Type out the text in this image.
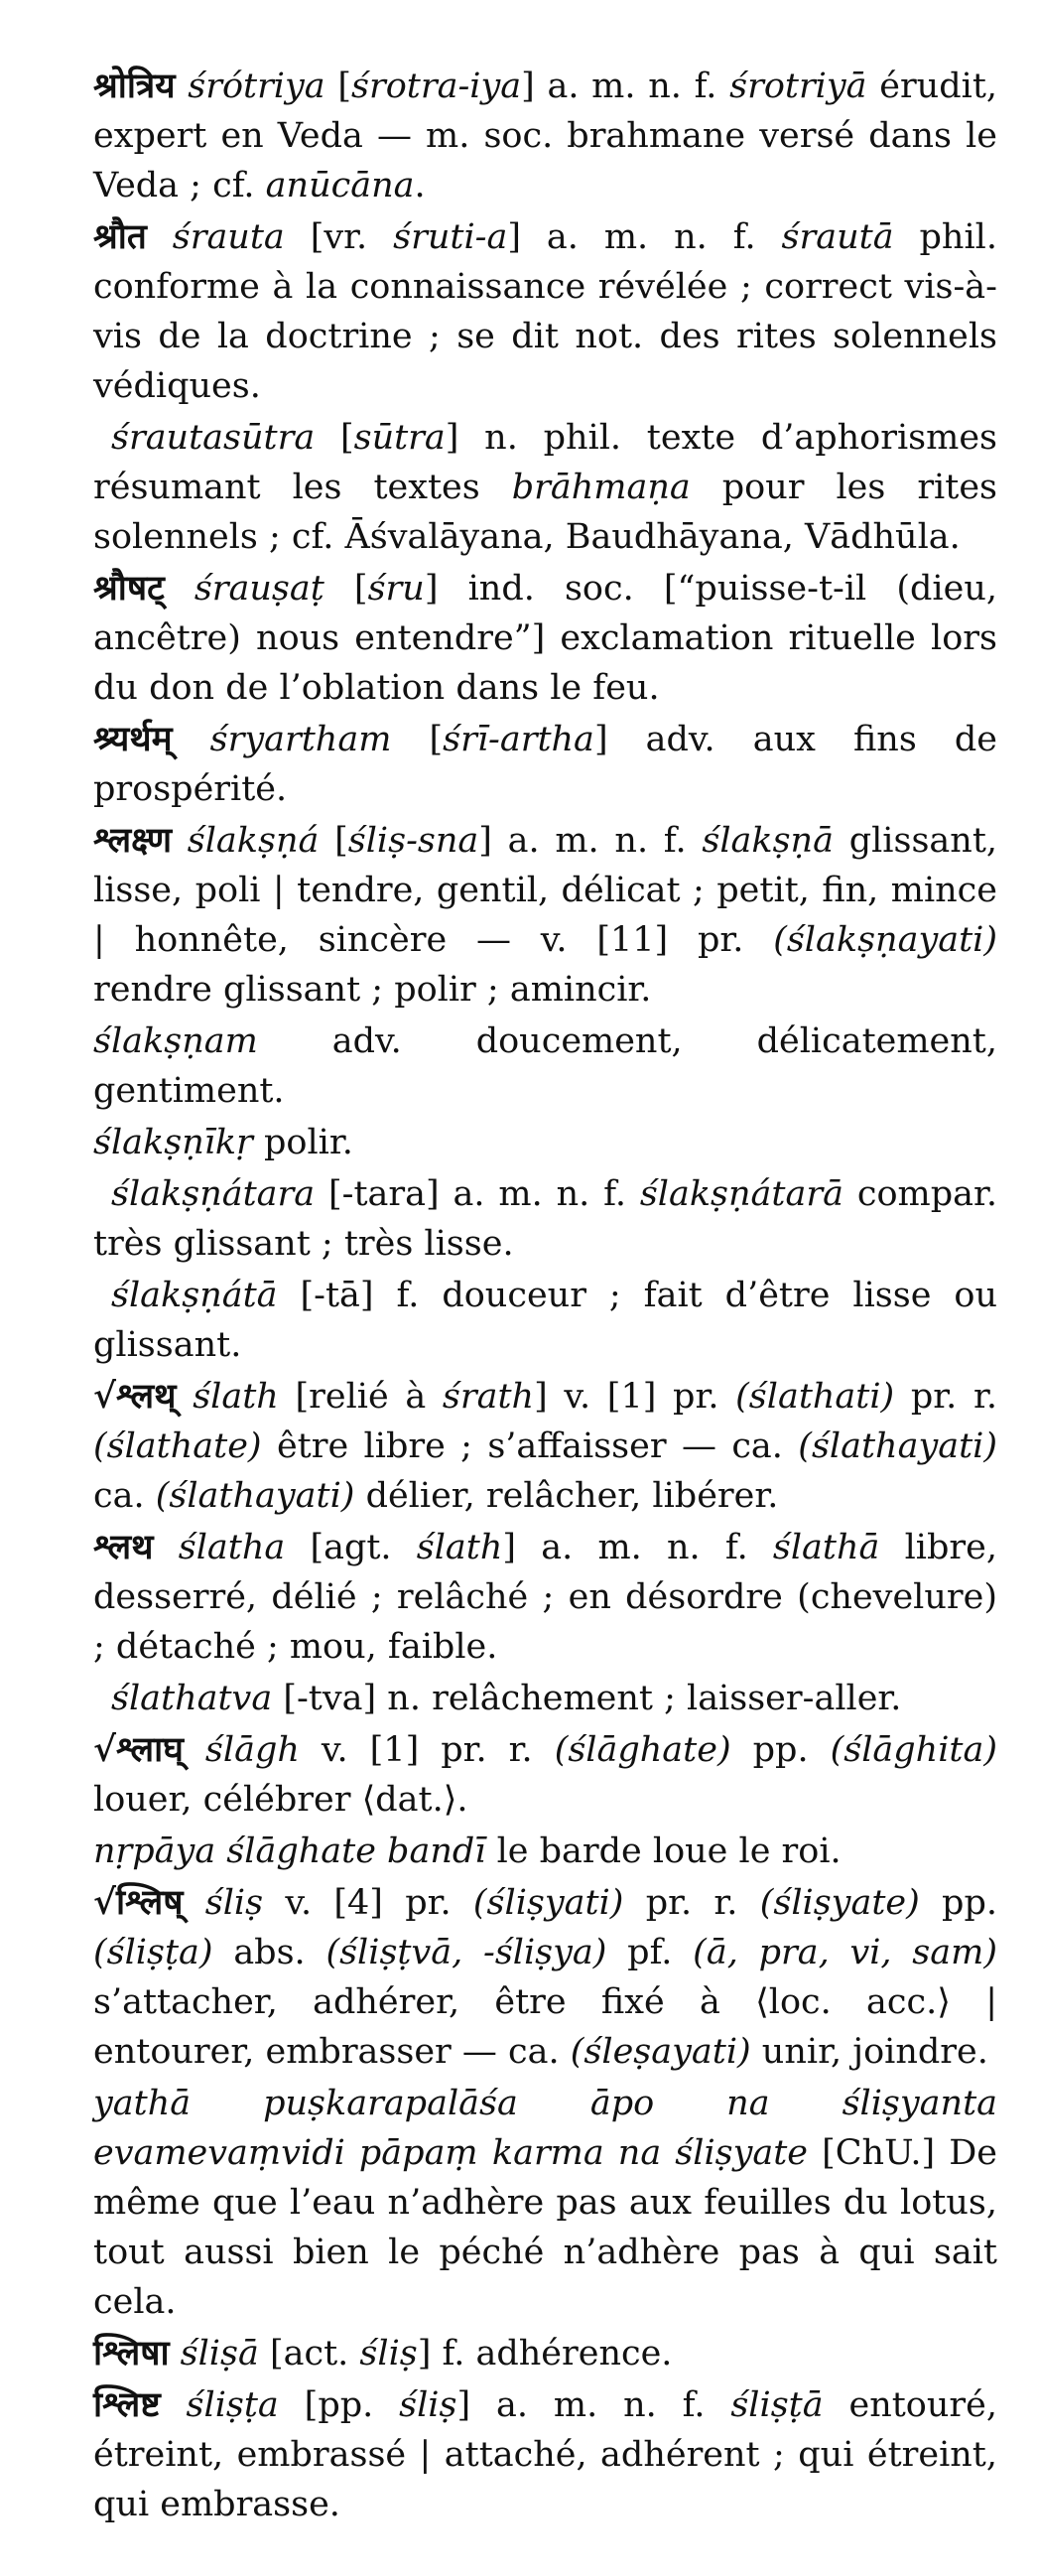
श्रोत्रिय śrótriya [śrotra-iya] a. m. n. f. śrotriyā érudit, expert en Veda — m. soc. brahmane versé dans le Veda ; cf. anūcāna.

श्रौत śrauta [vr. śruti-a] a. m. n. f. śrautā phil. conforme à la connaissance révélée ; correct vis-à-vis de la doctrine ; se dit not. des rites solennels védiques.

śrautasūtra [sūtra] n. phil. texte d’aphorismes résumant les textes brāhmaṇa pour les rites solennels ; cf. Āśvalāyana, Baudhāyana, Vādhūla.

श्रौषट् śrauṣaṭ [śru] ind. soc. [“puisse-t-il (dieu, ancêtre) nous entendre”] exclamation rituelle lors du don de l’oblation dans le feu.

श्र्यर्थम् śryartham [śrī-artha] adv. aux fins de prospérité.

श्लक्ष्ण ślakṣṇá [śliṣ-sna] a. m. n. f. ślakṣṇā glissant, lisse, poli | tendre, gentil, délicat ; petit, fin, mince | honnête, sincère — v. [11] pr. (ślakṣṇayati) rendre glissant ; polir ; amincir.

ślakṣṇam adv. doucement, délicatement, gentiment.

ślakṣṇīkṛ polir.

ślakṣṇátara [-tara] a. m. n. f. ślakṣṇátarā compar. très glissant ; très lisse.

ślakṣṇátā [-tā] f. douceur ; fait d’être lisse ou glissant.

√श्लथ् ślath [relié à śrath] v. [1] pr. (ślathati) pr. r. (ślathate) être libre ; s’affaisser — ca. (ślathayati) ca. (ślathayati) délier, relâcher, libérer.

श्लथ ślatha [agt. ślath] a. m. n. f. ślathā libre, desserré, délié ; relâché ; en désordre (chevelure) ; détaché ; mou, faible.

ślathatva [-tva] n. relâchement ; laisser-aller.

√श्लाघ् ślāgh v. [1] pr. r. (ślāghate) pp. (ślāghita) louer, célébrer ⟨dat.⟩.

nṛpāya ślāghate bandī le barde loue le roi.

√श्लिष् śliṣ v. [4] pr. (śliṣyati) pr. r. (śliṣyate) pp. (śliṣṭa) abs. (śliṣṭvā, -śliṣya) pf. (ā, pra, vi, sam) s’attacher, adhérer, être fixé à ⟨loc. acc.⟩ | entourer, embrasser — ca. (śleṣayati) unir, joindre.

yathā puṣkarapalāśa āpo na śliṣyanta evamevaṃvidi pāpaṃ karma na śliṣyate [ChU.] De même que l’eau n’adhère pas aux feuilles du lotus, tout aussi bien le péché n’adhère pas à qui sait cela.

श्लिषा śliṣā [act. śliṣ] f. adhérence.

श्लिष्ट śliṣṭa [pp. śliṣ] a. m. n. f. śliṣṭā entouré, étreint, embrassé | attaché, adhérent ; qui étreint, qui embrasse.
